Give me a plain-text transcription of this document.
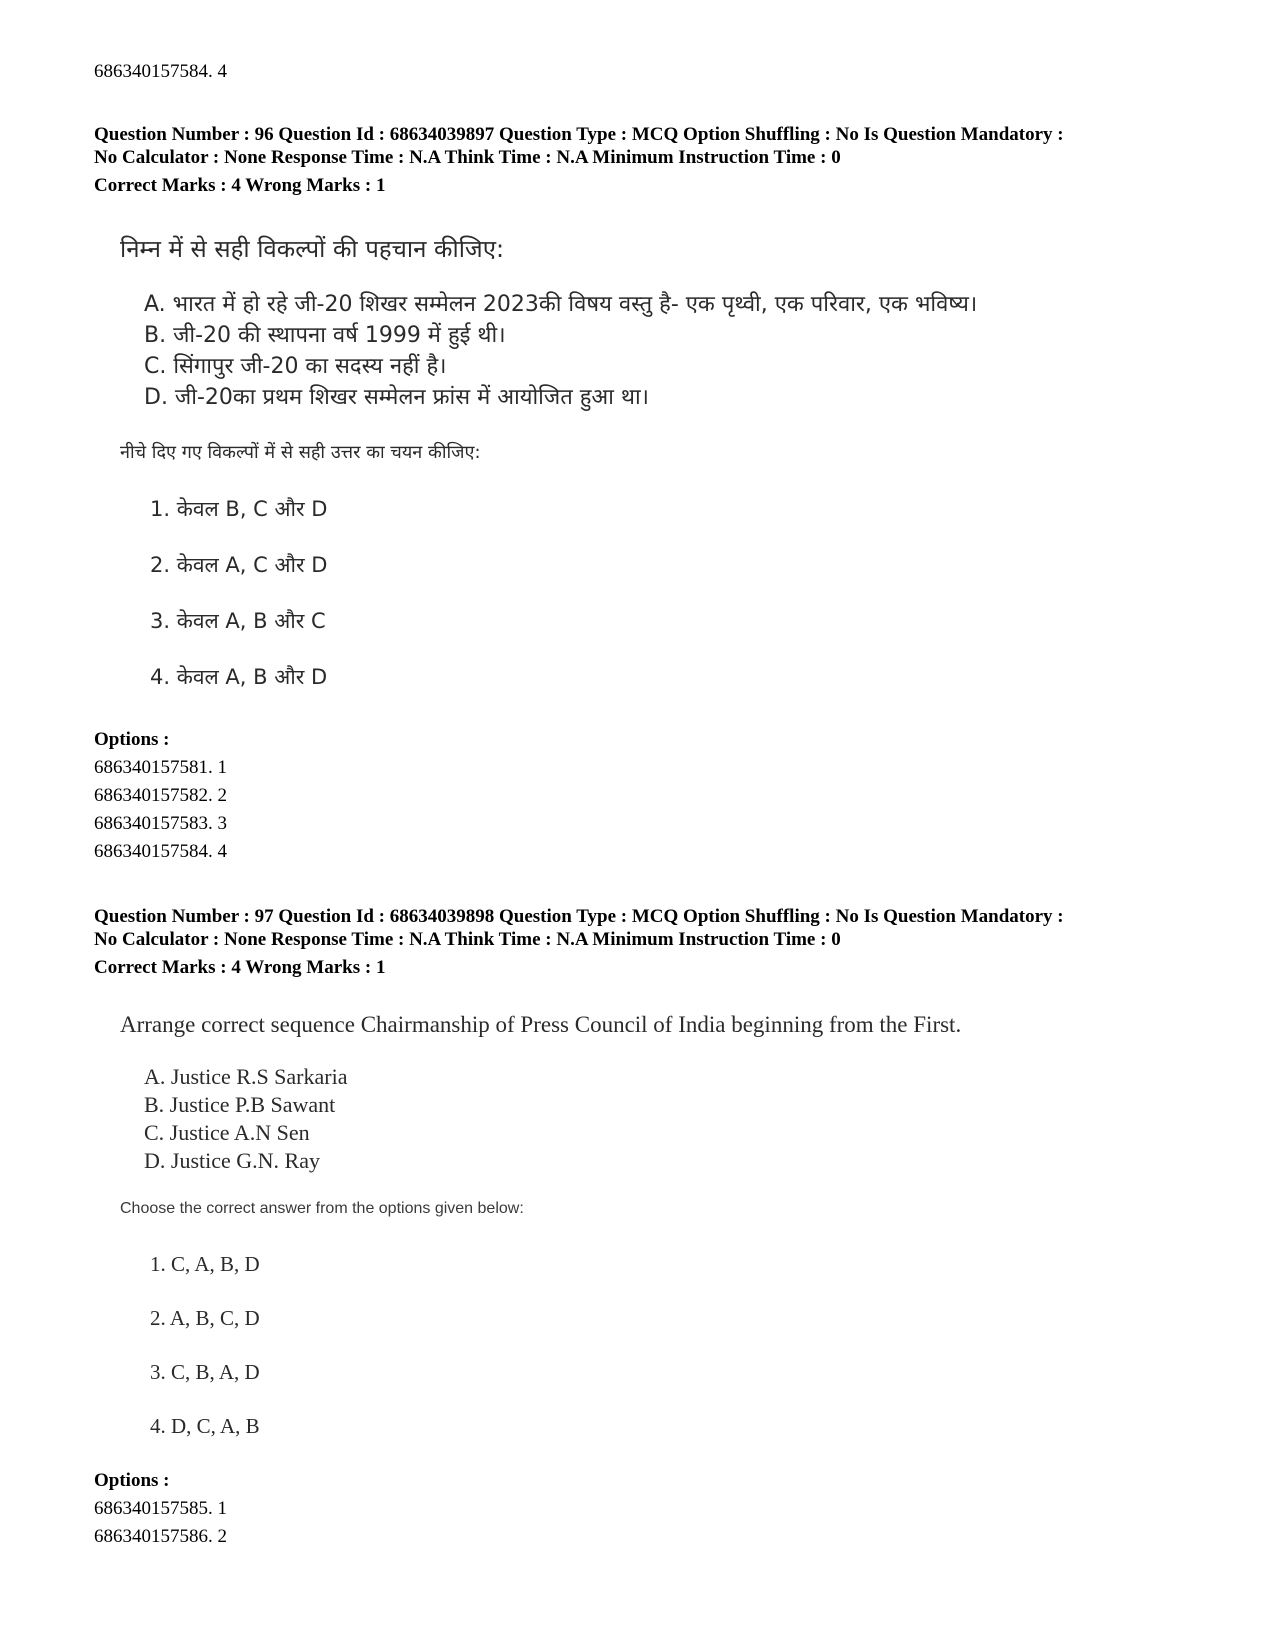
686340157584. 4
Question Number : 96 Question Id : 68634039897 Question Type : MCQ Option Shuffling : No Is Question Mandatory :
No Calculator : None Response Time : N.A Think Time : N.A Minimum Instruction Time : 0
Correct Marks : 4 Wrong Marks : 1
निम्न में से सही विकल्पों की पहचान कीजिए:
A. भारत में हो रहे जी-20 शिखर सम्मेलन 2023की विषय वस्तु है- एक पृथ्वी, एक परिवार, एक भविष्य।
B. जी-20 की स्थापना वर्ष 1999 में हुई थी।
C. सिंगापुर जी-20 का सदस्य नहीं है।
D. जी-20का प्रथम शिखर सम्मेलन फ्रांस में आयोजित हुआ था।
नीचे दिए गए विकल्पों में से सही उत्तर का चयन कीजिए:
1. केवल B, C और D
2. केवल A, C और D
3. केवल A, B और C
4. केवल A, B और D
Options :
686340157581. 1
686340157582. 2
686340157583. 3
686340157584. 4
Question Number : 97 Question Id : 68634039898 Question Type : MCQ Option Shuffling : No Is Question Mandatory :
No Calculator : None Response Time : N.A Think Time : N.A Minimum Instruction Time : 0
Correct Marks : 4 Wrong Marks : 1
Arrange correct sequence Chairmanship of Press Council of India beginning from the First.
A. Justice R.S Sarkaria
B. Justice P.B Sawant
C. Justice A.N Sen
D. Justice G.N. Ray
Choose the correct answer from the options given below:
1. C, A, B, D
2. A, B, C, D
3. C, B, A, D
4. D, C, A, B
Options :
686340157585. 1
686340157586. 2
